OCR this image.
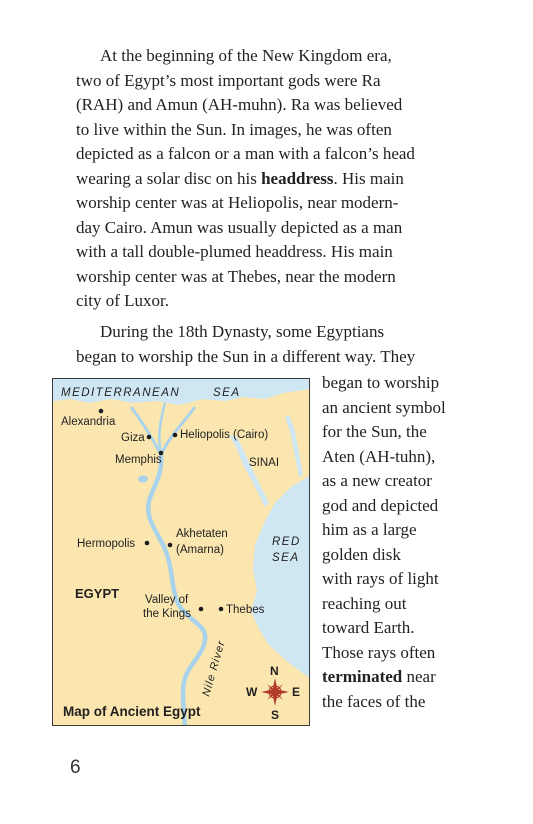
At the beginning of the New Kingdom era,
two of Egypt’s most important gods were Ra
(RAH) and Amun (AH-muhn). Ra was believed
to live within the Sun. In images, he was often
depicted as a falcon or a man with a falcon’s head
wearing a solar disc on his headdress. His main
worship center was at Heliopolis, near modern-
day Cairo. Amun was usually depicted as a man
with a tall double-plumed headdress. His main
worship center was at Thebes, near the modern
city of Luxor.
During the 18th Dynasty, some Egyptians
began to worship the Sun in a different way. They
began to worship
an ancient symbol
for the Sun, the
Aten (AH-tuhn),
as a new creator
god and depicted
him as a large
golden disk
with rays of light
reaching out
toward Earth.
Those rays often
terminated near
the faces of the
MEDITERRANEAN	SEA
RED
SEA
Alexandria
Giza	Heliopolis (Cairo)
Memphis	SINAI
Hermopolis
Akhetaten
(Amarna)
EGYPT Valley of
the Kings	Thebes
Nile River	N
S
E
W
Map of Ancient Egypt
6
